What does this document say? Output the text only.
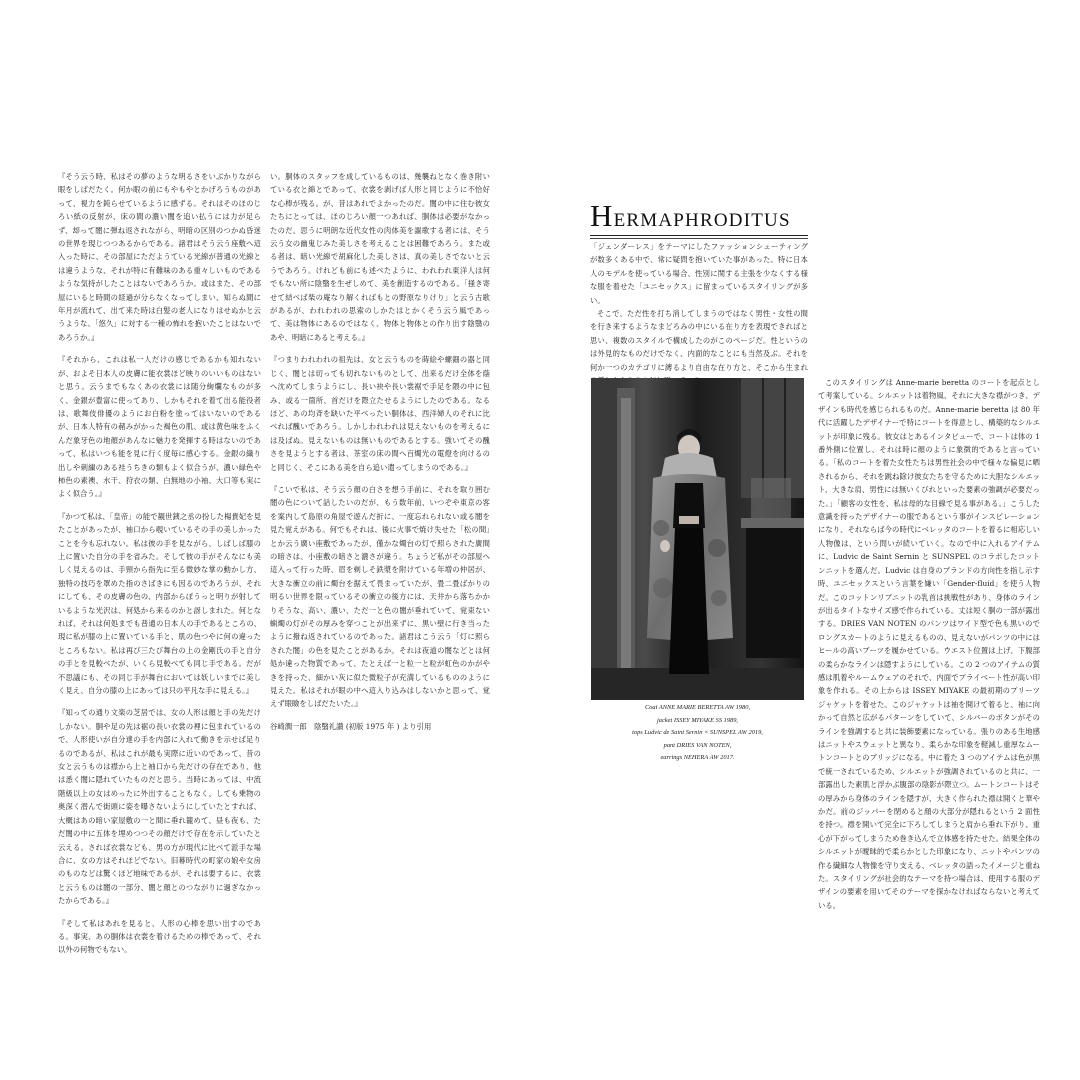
『そう云う時、私はその夢のような明るさをいぶかりながら眼をしばだたく。何か眼の前にもやもやとかげろうものがあって、視力を鈍らせているように感ずる。それはそのほのじろい紙の反射が、床の間の濃い闇を追い払うには力が足らず、却って闇に弾ね返されながら、明暗の区別のつかぬ昏迷の世界を現じつつあるからである。諸君はそう云う座敷へ這入った時に、その部屋にただようている光線が普通の光線とは違うような、それが特に有難味のある重々しいものであるような気持がしたことはないであろうか。或はまた、その部屋にいると時間の経過が分らなくなってしまい、知らぬ間に年月が流れて、出て来た時は白髪の老人になりはせぬかと云うような、「悠久」に対する一種の怖れを抱いたことはないであろうか。』

『それから、これは私一人だけの感じであるかも知れないが、およそ日本人の皮膚に能衣裳ほど映りのいいものはないと思う。云うまでもなくあの衣裳には随分絢爛なものが多く、金銀が豊富に使ってあり、しかもそれを着て出る能役者は、歌舞伎俳優のようにお白粉を塗ってはいないのであるが、日本人特有の赭みがかった褐色の肌、或は黄色味をふくんだ象牙色の地顔があんなに魅力を発揮する時はないのであって、私はいつも能を見に行く度毎に感心する。金銀の織り出しや刺繍のある袿うちきの類もよく似合うが、濃い緑色や柿色の素襖、水干、狩衣の類、白無地の小袖、大口等も実によく似合う。』

『かつて私は、「皇帝」の能で観世銕之丞の扮した楊貴妃を見たことがあったが、袖口から覗いているその手の美しかったことを今も忘れない。私は彼の手を見ながら、しばしば膝の上に置いた自分の手を省みた。そして彼の手がそんなにも美しく見えるのは、手頸から指先に至る微妙な掌の動かし方、独特の技巧を罩めた指のさばきにも因るのであろうが、それにしても、その皮膚の色の、内部からぽうっと明りが射しているような光沢は、何処から来るのかと訝しまれた。何となれば、それは何処までも普通の日本人の手であるところの、現に私が膝の上に置いている手と、肌の色つやに何の違ったところもない。私は再び三たび舞台の上の金剛氏の手と自分の手とを見較べたが、いくら見較べても同じ手である。だが不思議にも、その同じ手が舞台においては妖しいまでに美しく見え、自分の膝の上にあっては只の平凡な手に見える。』

『知っての通り文楽の芝居では、女の人形は顔と手の先だけしかない。胴や足の先は裾の長い衣裳の裡に包まれているので、人形使いが自分達の手を内部に入れて動きを示せば足りるのであるが、私はこれが最も実際に近いのであって、昔の女と云うものは襟から上と袖口から先だけの存在であり、他は悉く闇に隠れていたものだと思う。当時にあっては、中流階級以上の女はめったに外出することもなく、しても乗物の奥深く潜んで街頭に姿を曝さないようにしていたとすれば、大概はあの暗い家屋敷の一と間に垂れ籠めて、昼も夜も、ただ闇の中に五体を埋めつつその顔だけで存在を示していたと云える。されば衣裳なども、男の方が現代に比べて派手な場合に、女の方はそれほどでない。旧幕時代の町家の娘や女房のものなどは驚くほど地味であるが、それは要するに、衣裳と云うものは闇の一部分、闇と顔とのつながりに過ぎなかったからである。』

『そして私はあれを見ると、人形の心棒を思い出すのである。事実、あの胴体は衣裳を着けるための棒であって、それ以外の何物でもない。

い。胴体のスタッフを成しているものは、幾襲ねとなく巻き附いている衣と綿とであって、衣裳を剥げば人形と同じように不恰好な心棒が残る。が、昔はあれでよかったのだ。闇の中に住む彼女たちにとっては、ほのじろい顔一つあれば、胴体は必要がなかったのだ。思うに明朗な近代女性の肉体美を謳歌する者には、そう云う女の幽鬼じみた美しさを考えることは困難であろう。また或る者は、暗い光線で胡麻化した美しさは、真の美しさでないと云うであろう。けれども前にも述べたように、われわれ東洋人は何でもない所に陰翳を生ぜしめて、美を創造するのである。「掻き寄せて結べば柴の庵なり解くればもとの野原なりけり」と云う古歌があるが、われわれの思索のしかたはとかくそう云う風であって、美は物体にあるのではなく、物体と物体との作り出す陰翳のあや、明暗にあると考える。』

『つまりわれわれの祖先は、女と云うものを蒔絵や螺鈿の器と同じく、闇とは切っても切れないものとして、出来るだけ全体を蔭へ沈めてしまうようにし、長い袂や長い裳裾で手足を隈の中に包み、或る一箇所、首だけを際立たせるようにしたのである。なるほど、あの均斉を缺いた平べったい胴体は、西洋婦人のそれに比べれば醜いであろう。しかしわれわれは見えないものを考えるには及ばぬ。見えないものは無いものであるとする。強いてその醜さを見ようとする者は、茶室の床の間へ百燭光の電燈を向けるのと同じく、そこにある美を自ら追い遣ってしまうのである。』

『こいで私は、そう云う顔の白さを想う手前に、それを取り囲む闇の色について話したいのだが、もう数年前、いつぞや東京の客を案内して島原の角屋で遊んだ折に、一度忘れられない或る闇を見た覚えがある。何でもそれは、後に火事で焼け失せた「松の間」とか云う廣い座敷であったが、僅かな燭台の灯で照らされた廣間の暗さは、小座敷の暗さと濃さが違う。ちょうど私がその部屋へ這入って行った時、眉を剃しそ鉄漿を附けている年増の仲居が、大きな衝立の前に燭台を据えて畏まっていたが、畳二畳ばかりの明るい世界を限っているその衝立の後方には、天井から落ちかかりそうな、高い、濃い、ただ一と色の闇が垂れていて、覚束ない蝋燭の灯がその厚みを穿つことが出来ずに、黒い壁に行き当ったように撥ね返されているのであった。諸君はこう云う「灯に照らされた闇」の色を見たことがあるか。それは夜道の闇などとは何処か違った物質であって、たとえば一と粒一と粒が虹色のかがやきを持った、細かい灰に似た微粒子が充満しているもののように見えた。私はそれが眼の中へ這入り込みはしないかと思って、覚えず眼瞼をしばだたいた。』

谷崎潤一郎　陰翳礼讃 (初版 1975 年 ) より引用

HERMAPHRODITUS

「ジェンダーレス」をテーマにしたファッションシューティングが数多くある中で、常に疑問を抱いていた事があった。特に日本人のモデルを使っている場合、性別に関する主張を少なくする様な服を着せた「ユニセックス」に留まっているスタイリングが多い。

そこで、ただ性を打ち消してしまうのではなく男性・女性の間を行き来するようなまどろみの中にいる在り方を表現できればと思い、複数のスタイルで構成したのがこのページだ。性というのは外見的なものだけでなく、内面的なことにも当然及ぶ。それを何か一つのカテゴリに縛るより自由な在り方と、そこから生まれ

Coat ANNE MARIE BERETTA AW 1980,
jacket ISSEY MIYAKE SS 1989,
tops Ludvic de Saint Sernin × SUNSPEL AW 2019,
pant DRIES VAN NOTEN,
earrings NEHERA AW 2017.

このスタイリングは Anne-marie beretta のコートを起点として考案している。シルエットは着物風、それに大きな襟がつき、デザインも時代を感じられるものだ。Anne-marie beretta は 80 年代に活躍したデザイナーで特にコートを得意とし、構築的なシルエットが印象に残る。彼女はとあるインタビューで、コートは体の 1 番外側に位置し、それは時に顔のように象徴的であると言っている。「私のコートを着た女性たちは男性社会の中で様々な偏見に晒されるから、それを跳ね除け彼女たちを守るために大胆なシルエット、大きな肩、男性には無いくびれといった要素の強調が必要だった。」「顧客の女性を、私は母的な目線で見る事がある。」こうした意識を持ったデザイナーの服であるという事がインスピレーションになり、それならば今の時代にベレッタのコートを着るに相応しい人物像は、という問いが続いていく。なので中に入れるアイテムに、Ludvic de Saint Sernin と SUNSPEL のコラボしたコットンニットを選んだ。Ludvic は自身のブランドの方向性を指し示す時、ユニセックスという言葉を嫌い「Gender-fluid」を使う人物だ。このコットンリブニットの乳首は挑戦性があり、身体のラインが出るタイトなサイズ感で作られている。丈は短く胴の一部が露出する。DRIES VAN NOTEN のパンツはワイド型で色も黒いのでロングスカートのように見えるものの、見えないがパンツの中にはヒールの高いブーツを履かせている。ウエスト位置は上げ、下腹部の柔らかなラインは隠すようにしている。この 2 つのアイテムの質感は肌着やルームウェアのそれで、内面でプライベート性が高い印象を作れる。その上からは ISSEY MIYAKE の最初期のプリーツジャケットを着せた。このジャケットは袖を開けて着ると、袖に向かって自然と広がるパターンをしていて、シルバーのボタンがそのラインを強調すると共に装飾要素になっている。張りのある生地感はニットやスウェットと異なり、柔らかな印象を軽減し重厚なムートンコートとのブリッジになる。中に着た 3 つのアイテムは色が黒で統一されているため、シルエットが強調されているのと共に、一部露出した素肌と浮かぶ腹部の陰影が際立つ。ムートンコートはその厚みから身体のラインを隠すが、大きく作られた襟は開くと華やかだ。前のジッパーを閉めると顔の大部分が隠れるという 2 面性を持つ。襟を開いて完全に下ろしてしまうと肩から垂れ下がり、重心が下がってしまうため巻き込んで立体感を持たせた。結果全体のシルエットが曖昧的で柔らかとした印象になり、ニットやパンツの作る繊細な人物像を守り支える、ベレッタの語ったイメージと重ねた。スタイリングが社会的なテーマを持つ場合は、使用する服のデザインの要素を用いてそのテーマを探かなければならないと考えている。
